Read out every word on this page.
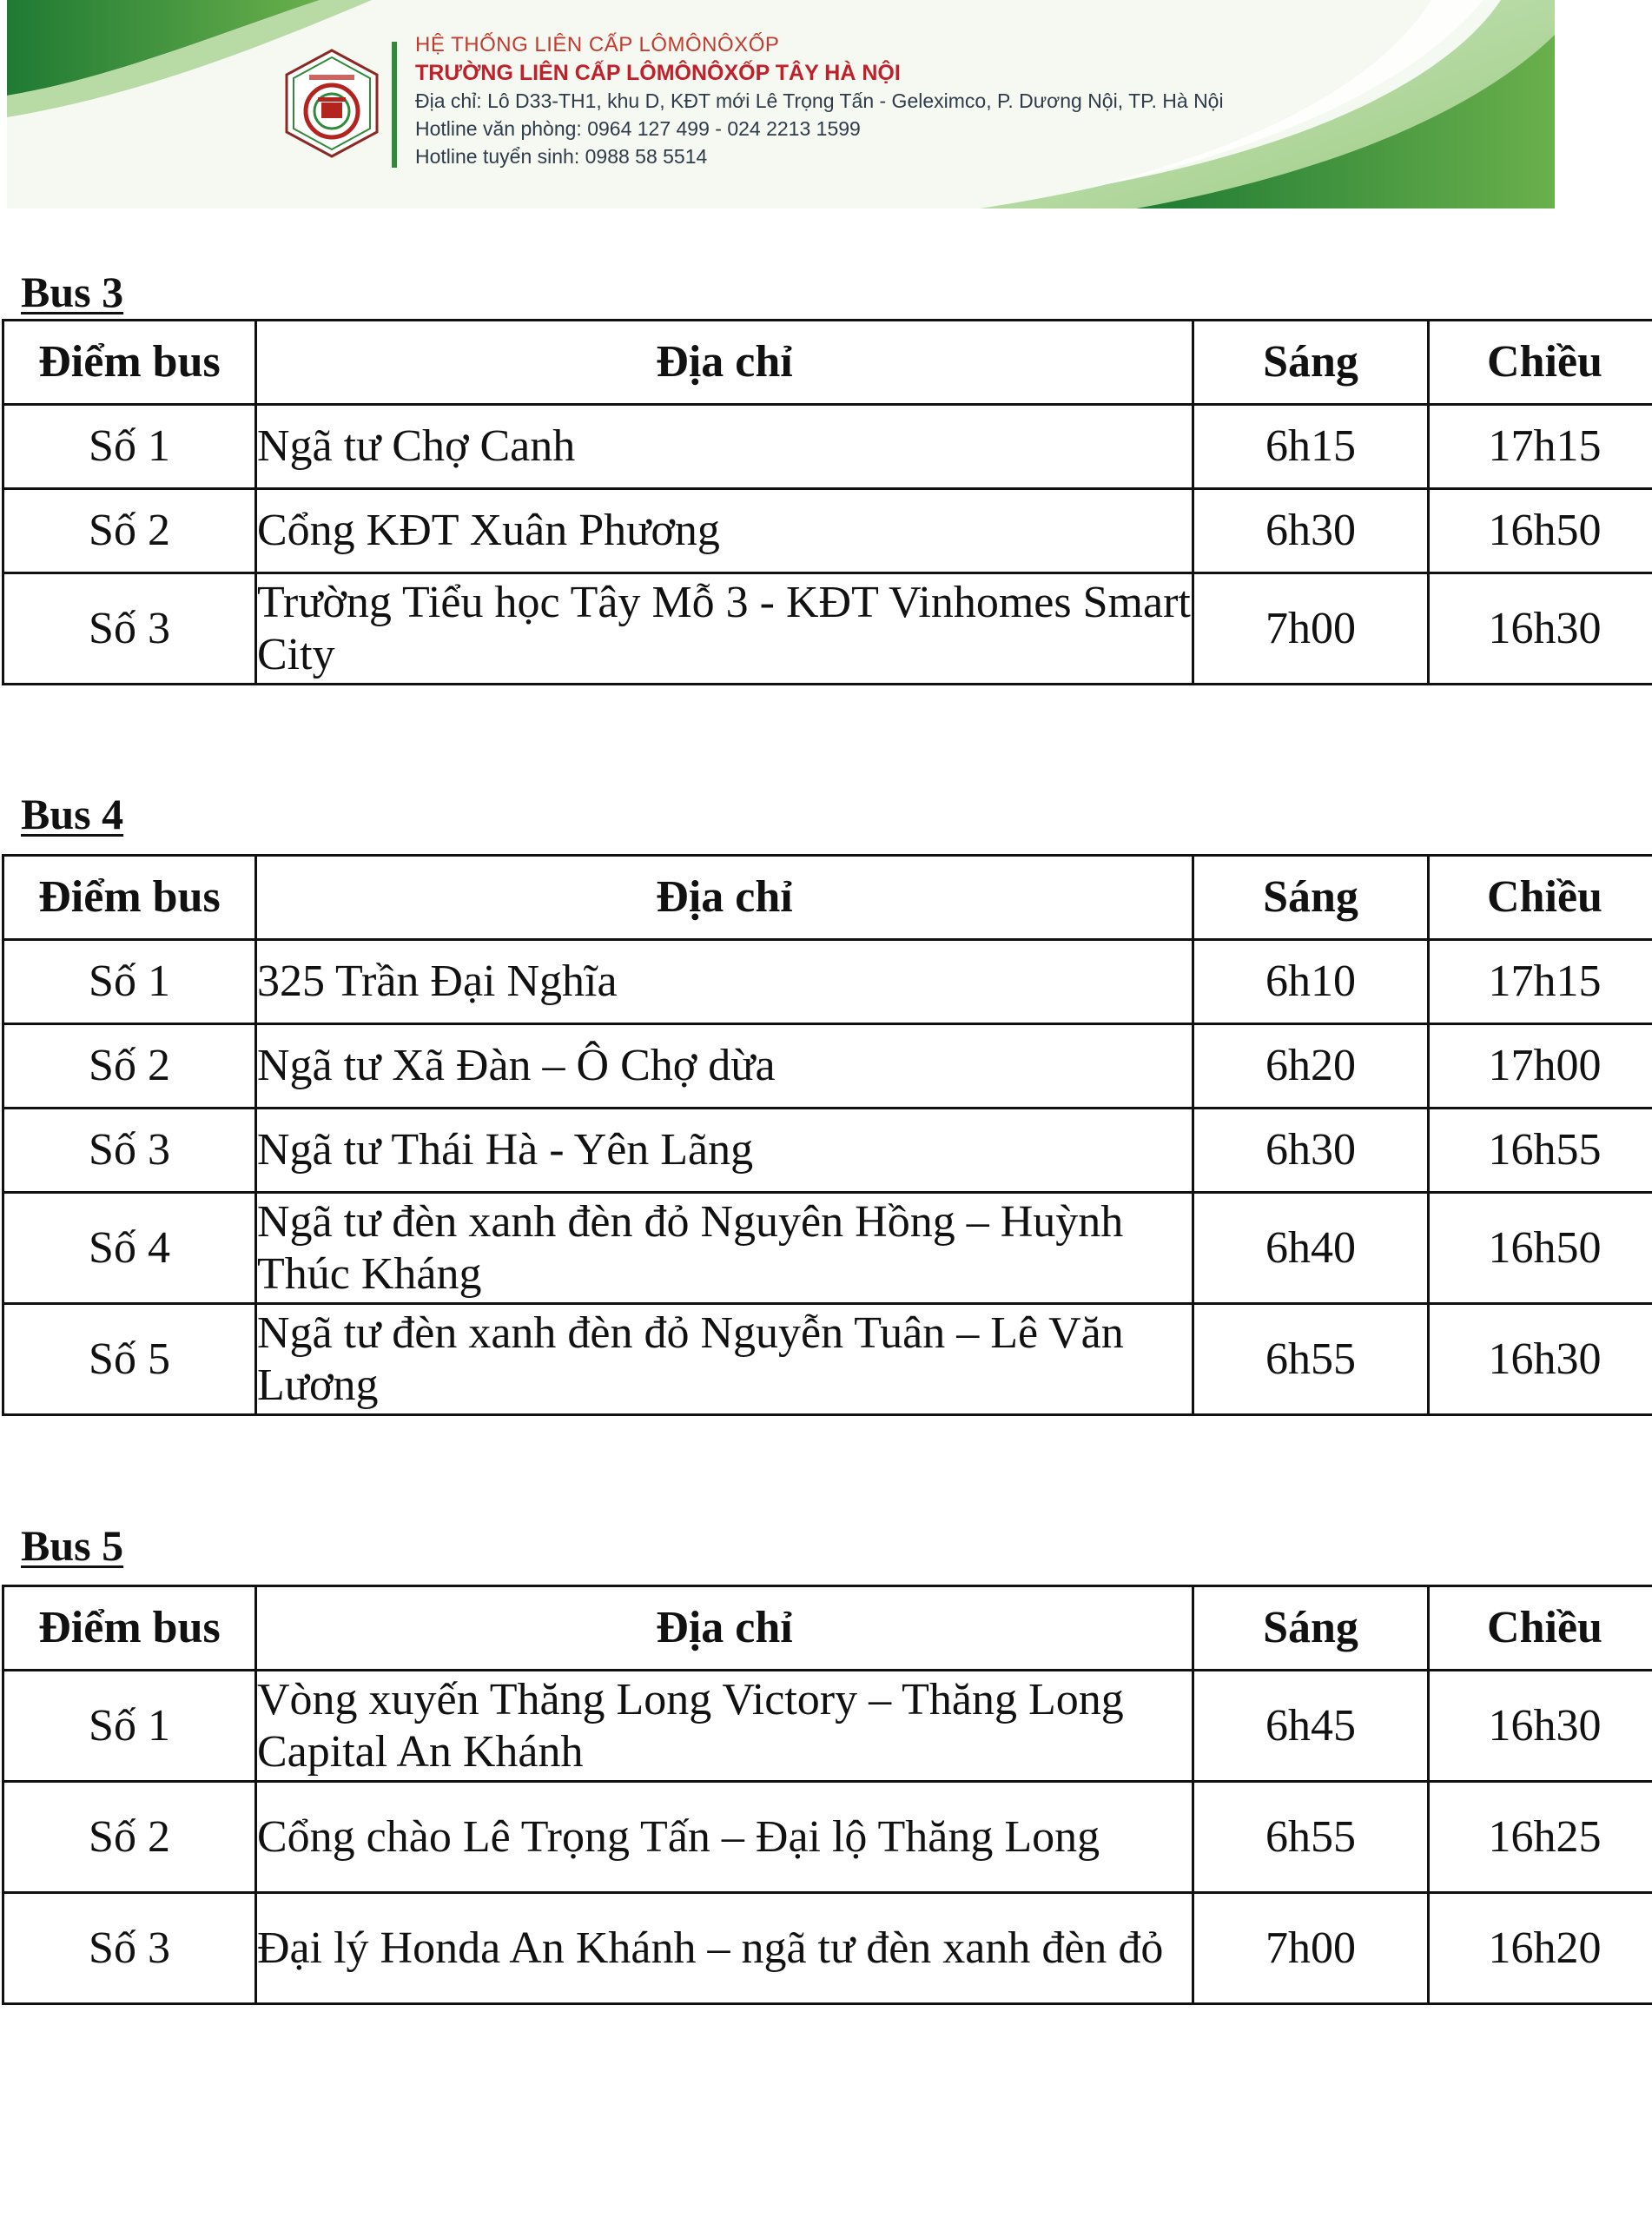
HỆ THỐNG LIÊN CẤP LÔMÔNÔXỐP
TRƯỜNG LIÊN CẤP LÔMÔNÔXỐP TÂY HÀ NỘI
Địa chỉ: Lô D33-TH1, khu D, KĐT mới Lê Trọng Tấn - Geleximco, P. Dương Nội, TP. Hà Nội
Hotline văn phòng: 0964 127 499 - 024 2213 1599
Hotline tuyển sinh: 0988 58 5514
Bus 3
Điểm bus	Địa chỉ	Sáng	Chiều
Số 1	Ngã tư Chợ Canh	6h15	17h15
Số 2	Cổng KĐT Xuân Phương	6h30	16h50
Số 3	Trường Tiểu học Tây Mỗ 3 - KĐT Vinhomes Smart City	7h00	16h30
Bus 4
Điểm bus	Địa chỉ	Sáng	Chiều
Số 1	325 Trần Đại Nghĩa	6h10	17h15
Số 2	Ngã tư Xã Đàn – Ô Chợ dừa	6h20	17h00
Số 3	Ngã tư Thái Hà - Yên Lãng	6h30	16h55
Số 4	Ngã tư đèn xanh đèn đỏ Nguyên Hồng – Huỳnh Thúc Kháng	6h40	16h50
Số 5	Ngã tư đèn xanh đèn đỏ Nguyễn Tuân – Lê Văn Lương	6h55	16h30
Bus 5
Điểm bus	Địa chỉ	Sáng	Chiều
Số 1	Vòng xuyến Thăng Long Victory – Thăng Long Capital An Khánh	6h45	16h30
Số 2	Cổng chào Lê Trọng Tấn – Đại lộ Thăng Long	6h55	16h25
Số 3	Đại lý Honda An Khánh – ngã tư đèn xanh đèn đỏ	7h00	16h20
